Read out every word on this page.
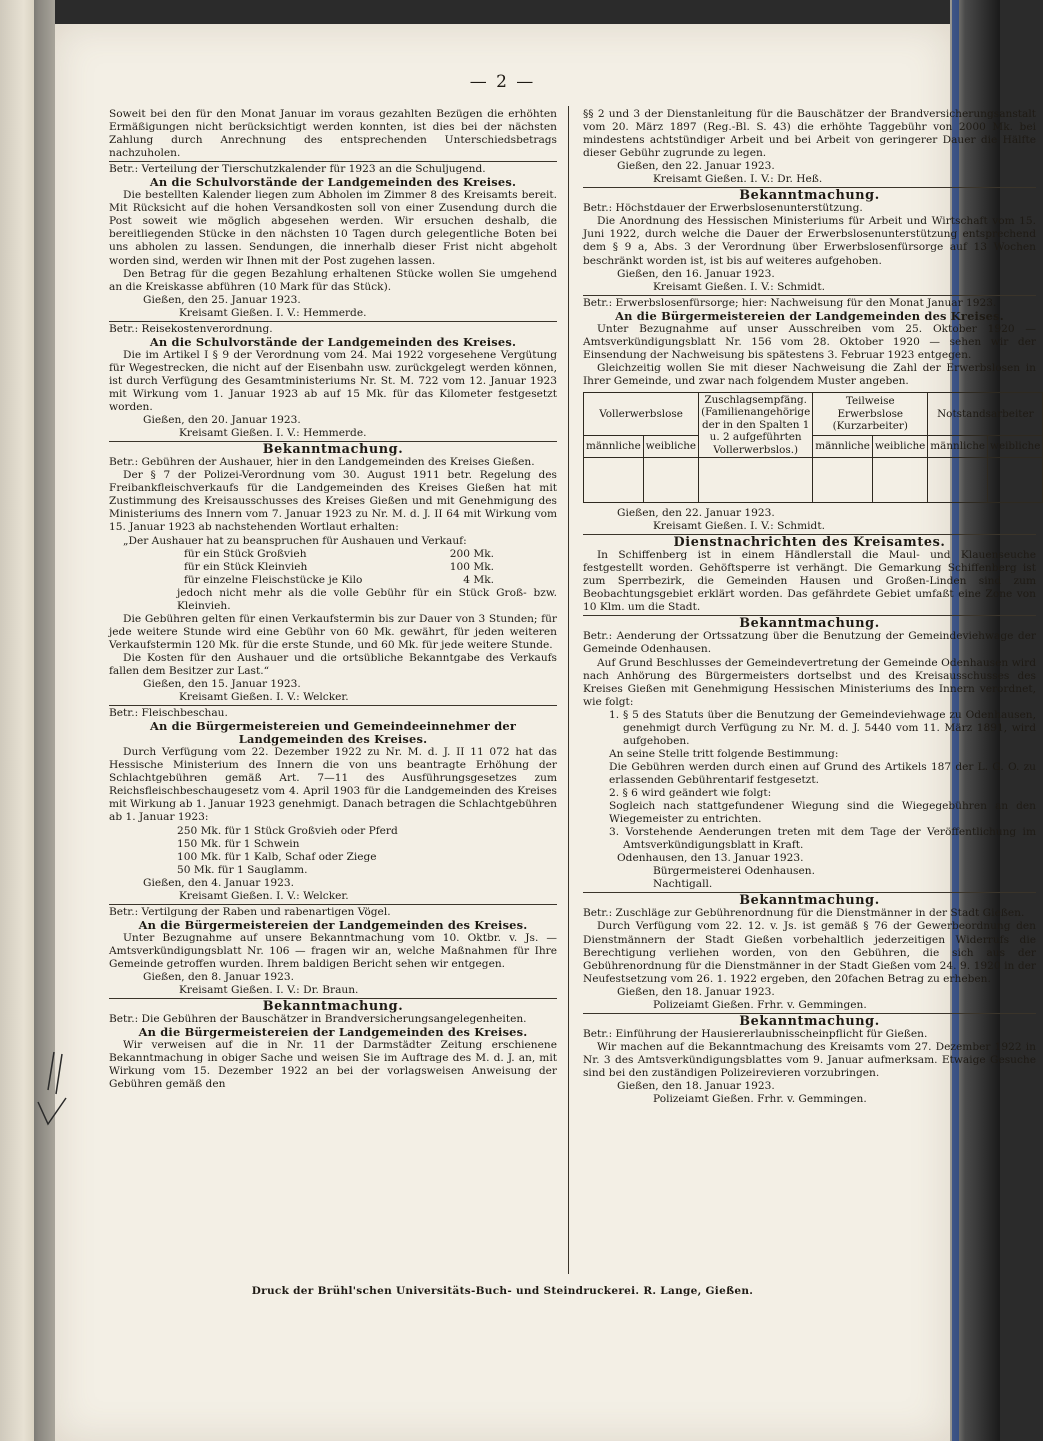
— 2 —

Soweit bei den für den Monat Januar im voraus gezahlten Bezügen die erhöhten Ermäßigungen nicht berücksichtigt werden konnten, ist dies bei der nächsten Zahlung durch Anrechnung des entsprechenden Unterschiedsbetrags nachzuholen.

Betr.: Verteilung der Tierschutzkalender für 1923 an die Schuljugend.

An die Schulvorstände der Landgemeinden des Kreises.

Die bestellten Kalender liegen zum Abholen im Zimmer 8 des Kreisamts bereit. Mit Rücksicht auf die hohen Versandkosten soll von einer Zusendung durch die Post soweit wie möglich abgesehen werden. Wir ersuchen deshalb, die bereitliegenden Stücke in den nächsten 10 Tagen durch gelegentliche Boten bei uns abholen zu lassen. Sendungen, die innerhalb dieser Frist nicht abgeholt worden sind, werden wir Ihnen mit der Post zugehen lassen.

Den Betrag für die gegen Bezahlung erhaltenen Stücke wollen Sie umgehend an die Kreiskasse abführen (10 Mark für das Stück).

Gießen, den 25. Januar 1923.

Kreisamt Gießen. I. V.: Hemmerde.

Betr.: Reisekostenverordnung.

An die Schulvorstände der Landgemeinden des Kreises.

Die im Artikel I § 9 der Verordnung vom 24. Mai 1922 vorgesehene Vergütung für Wegestrecken, die nicht auf der Eisenbahn usw. zurückgelegt werden können, ist durch Verfügung des Gesamtministeriums Nr. St. M. 722 vom 12. Januar 1923 mit Wirkung vom 1. Januar 1923 ab auf 15 Mk. für das Kilometer festgesetzt worden.

Gießen, den 20. Januar 1923.

Kreisamt Gießen. I. V.: Hemmerde.

Bekanntmachung.

Betr.: Gebühren der Aushauer, hier in den Landgemeinden des Kreises Gießen.

Der § 7 der Polizei-Verordnung vom 30. August 1911 betr. Regelung des Freibankfleischverkaufs für die Landgemeinden des Kreises Gießen hat mit Zustimmung des Kreisausschusses des Kreises Gießen und mit Genehmigung des Ministeriums des Innern vom 7. Januar 1923 zu Nr. M. d. J. II 64 mit Wirkung vom 15. Januar 1923 ab nachstehenden Wortlaut erhalten:

„Der Aushauer hat zu beanspruchen für Aushauen und Verkauf:

für ein Stück Großvieh	200 Mk.
für ein Stück Kleinvieh	100 Mk.
für einzelne Fleischstücke je Kilo	4 Mk.

jedoch nicht mehr als die volle Gebühr für ein Stück Groß- bzw. Kleinvieh.

Die Gebühren gelten für einen Verkaufstermin bis zur Dauer von 3 Stunden; für jede weitere Stunde wird eine Gebühr von 60 Mk. gewährt, für jeden weiteren Verkaufstermin 120 Mk. für die erste Stunde, und 60 Mk. für jede weitere Stunde.

Die Kosten für den Aushauer und die ortsübliche Bekanntgabe des Verkaufs fallen dem Besitzer zur Last.“

Gießen, den 15. Januar 1923.

Kreisamt Gießen. I. V.: Welcker.

Betr.: Fleischbeschau.

An die Bürgermeistereien und Gemeindeeinnehmer der Landgemeinden des Kreises.

Durch Verfügung vom 22. Dezember 1922 zu Nr. M. d. J. II 11 072 hat das Hessische Ministerium des Innern die von uns beantragte Erhöhung der Schlachtgebühren gemäß Art. 7—11 des Ausführungsgesetzes zum Reichsfleischbeschaugesetz vom 4. April 1903 für die Landgemeinden des Kreises mit Wirkung ab 1. Januar 1923 genehmigt. Danach betragen die Schlachtgebühren ab 1. Januar 1923:

250 Mk. für 1 Stück Großvieh oder Pferd

150 Mk. für 1 Schwein

100 Mk. für 1 Kalb, Schaf oder Ziege

50 Mk. für 1 Sauglamm.

Gießen, den 4. Januar 1923.

Kreisamt Gießen. I. V.: Welcker.

Betr.: Vertilgung der Raben und rabenartigen Vögel.

An die Bürgermeistereien der Landgemeinden des Kreises.

Unter Bezugnahme auf unsere Bekanntmachung vom 10. Oktbr. v. Js. — Amtsverkündigungsblatt Nr. 106 — fragen wir an, welche Maßnahmen für Ihre Gemeinde getroffen wurden. Ihrem baldigen Bericht sehen wir entgegen.

Gießen, den 8. Januar 1923.

Kreisamt Gießen. I. V.: Dr. Braun.

Bekanntmachung.

Betr.: Die Gebühren der Bauschätzer in Brandversicherungsangelegenheiten.

An die Bürgermeistereien der Landgemeinden des Kreises.

Wir verweisen auf die in Nr. 11 der Darmstädter Zeitung erschienene Bekanntmachung in obiger Sache und weisen Sie im Auftrage des M. d. J. an, mit Wirkung vom 15. Dezember 1922 an bei der vorlagsweisen Anweisung der Gebühren gemäß den

§§ 2 und 3 der Dienstanleitung für die Bauschätzer der Brandversicherungsanstalt vom 20. März 1897 (Reg.-Bl. S. 43) die erhöhte Taggebühr von 2000 Mk. bei mindestens achtstündiger Arbeit und bei Arbeit von geringerer Dauer die Hälfte dieser Gebühr zugrunde zu legen.

Gießen, den 22. Januar 1923.

Kreisamt Gießen. I. V.: Dr. Heß.

Bekanntmachung.

Betr.: Höchstdauer der Erwerbslosenunterstützung.

Die Anordnung des Hessischen Ministeriums für Arbeit und Wirtschaft vom 15. Juni 1922, durch welche die Dauer der Erwerbslosenunterstützung entsprechend dem § 9 a, Abs. 3 der Verordnung über Erwerbslosenfürsorge auf 13 Wochen beschränkt worden ist, ist bis auf weiteres aufgehoben.

Gießen, den 16. Januar 1923.

Kreisamt Gießen. I. V.: Schmidt.

Betr.: Erwerbslosenfürsorge; hier: Nachweisung für den Monat Januar 1923.

An die Bürgermeistereien der Landgemeinden des Kreises.

Unter Bezugnahme auf unser Ausschreiben vom 25. Oktober 1920 — Amtsverkündigungsblatt Nr. 156 vom 28. Oktober 1920 — sehen wir der Einsendung der Nachweisung bis spätestens 3. Februar 1923 entgegen.

Gleichzeitig wollen Sie mit dieser Nachweisung die Zahl der Erwerbslosen in Ihrer Gemeinde, und zwar nach folgendem Muster angeben.

Vollerwerbslose		Zuschlagsempfäng. (Familienangehörige der in den Spalten 1 u. 2 aufgeführten Vollerwerbslos.)	Teilweise Erwerbslose (Kurzarbeiter)		Notstandsarbeiter	
männliche	weibliche		männliche	weibliche	männliche	weibliche

Gießen, den 22. Januar 1923.

Kreisamt Gießen. I. V.: Schmidt.

Dienstnachrichten des Kreisamtes.

In Schiffenberg ist in einem Händlerstall die Maul- und Klauenseuche festgestellt worden. Gehöftsperre ist verhängt. Die Gemarkung Schiffenberg ist zum Sperrbezirk, die Gemeinden Hausen und Großen-Linden sind zum Beobachtungsgebiet erklärt worden. Das gefährdete Gebiet umfaßt eine Zone von 10 Klm. um die Stadt.

Bekanntmachung.

Betr.: Aenderung der Ortssatzung über die Benutzung der Gemeindeviehwage der Gemeinde Odenhausen.

Auf Grund Beschlusses der Gemeindevertretung der Gemeinde Odenhausen wird nach Anhörung des Bürgermeisters dortselbst und des Kreisausschusses des Kreises Gießen mit Genehmigung Hessischen Ministeriums des Innern verordnet, wie folgt:

1. § 5 des Statuts über die Benutzung der Gemeindeviehwage zu Odenhausen, genehmigt durch Verfügung zu Nr. M. d. J. 5440 vom 11. März 1891, wird aufgehoben.

An seine Stelle tritt folgende Bestimmung:

Die Gebühren werden durch einen auf Grund des Artikels 187 der L. G. O. zu erlassenden Gebührentarif festgesetzt.

2. § 6 wird geändert wie folgt:

Sogleich nach stattgefundener Wiegung sind die Wiegegebühren an den Wiegemeister zu entrichten.

3. Vorstehende Aenderungen treten mit dem Tage der Veröffentlichung im Amtsverkündigungsblatt in Kraft.

Odenhausen, den 13. Januar 1923.

Bürgermeisterei Odenhausen.

Nachtigall.

Bekanntmachung.

Betr.: Zuschläge zur Gebührenordnung für die Dienstmänner in der Stadt Gießen.

Durch Verfügung vom 22. 12. v. Js. ist gemäß § 76 der Gewerbeordnung den Dienstmännern der Stadt Gießen vorbehaltlich jederzeitigen Widerrufs die Berechtigung verliehen worden, von den Gebühren, die sich aus der Gebührenordnung für die Dienstmänner in der Stadt Gießen vom 24. 9. 1920 in der Neufestsetzung vom 26. 1. 1922 ergeben, den 20fachen Betrag zu erheben.

Gießen, den 18. Januar 1923.

Polizeiamt Gießen. Frhr. v. Gemmingen.

Bekanntmachung.

Betr.: Einführung der Hausiererlaubnisscheinpflicht für Gießen.

Wir machen auf die Bekanntmachung des Kreisamts vom 27. Dezember 1922 in Nr. 3 des Amtsverkündigungsblattes vom 9. Januar aufmerksam. Etwaige Gesuche sind bei den zuständigen Polizeirevieren vorzubringen.

Gießen, den 18. Januar 1923.

Polizeiamt Gießen. Frhr. v. Gemmingen.

Druck der Brühl'schen Universitäts-Buch- und Steindruckerei. R. Lange, Gießen.
